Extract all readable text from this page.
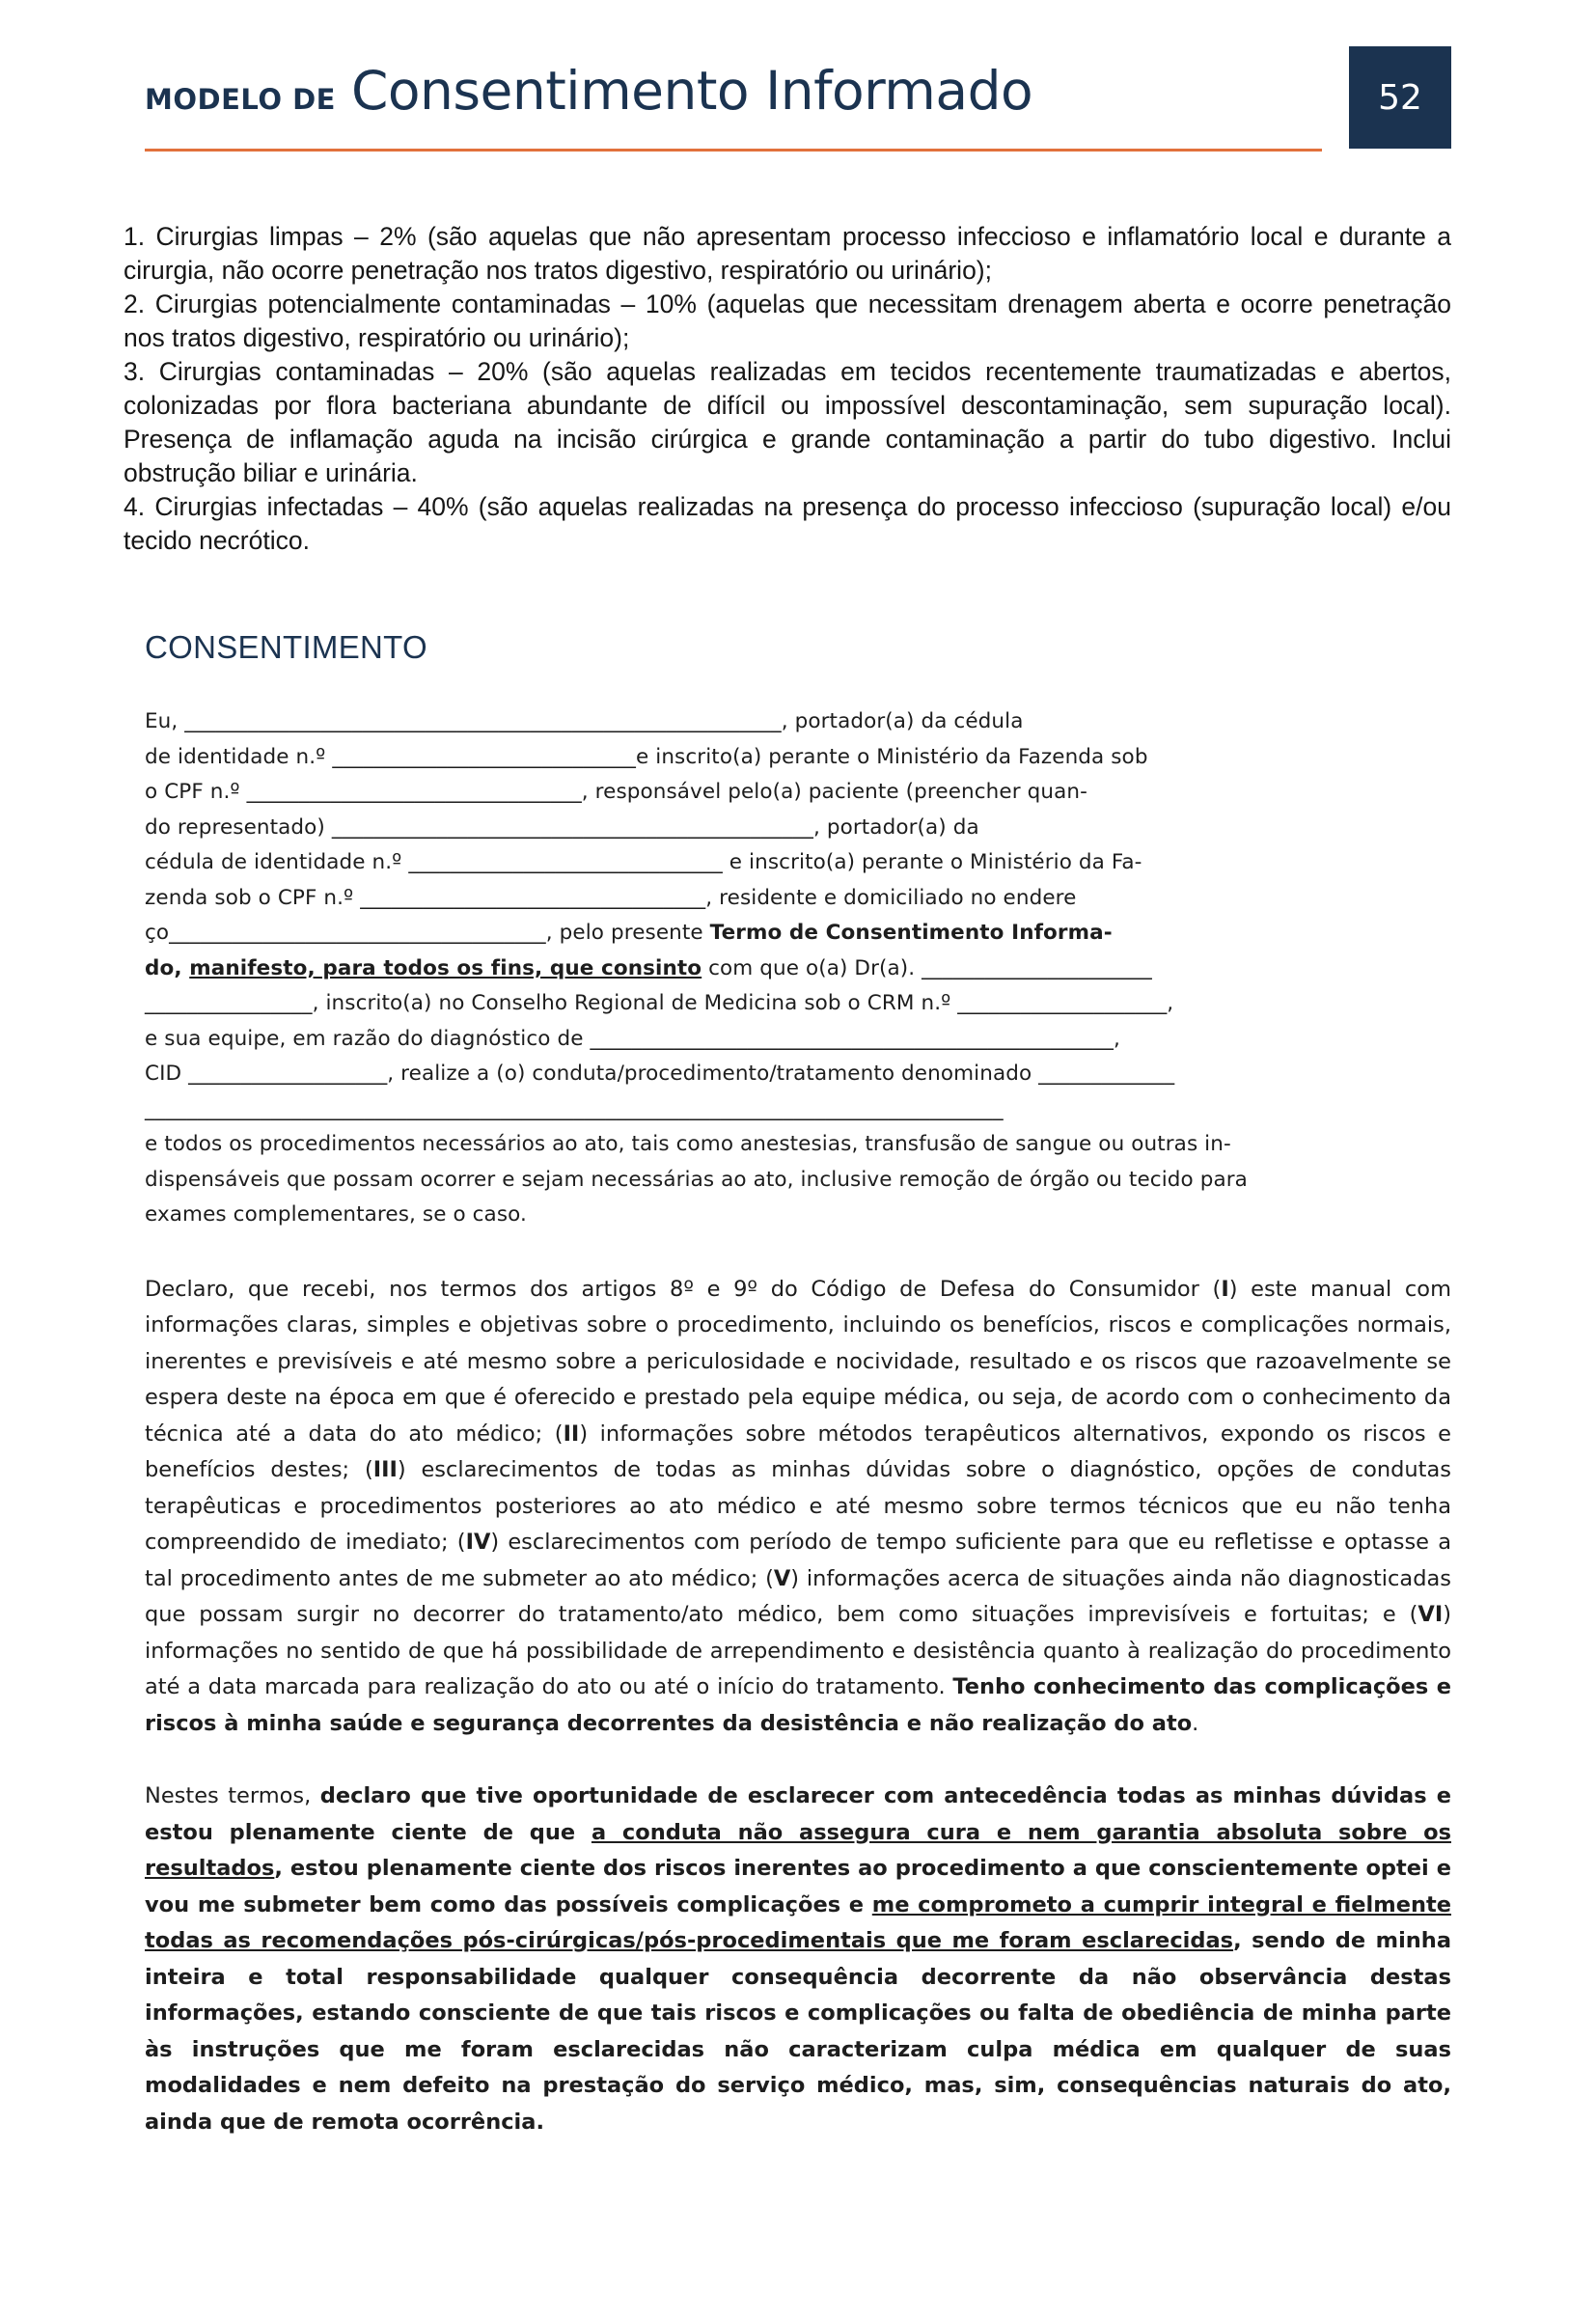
MODELO DE Consentimento Informado	52

1. Cirurgias limpas – 2% (são aquelas que não apresentam processo infeccioso e inflamatório local e durante a cirurgia, não ocorre penetração nos tratos digestivo, respiratório ou urinário);

2. Cirurgias potencialmente contaminadas – 10% (aquelas que necessitam drenagem aberta e ocorre penetração nos tratos digestivo, respiratório ou urinário);

3. Cirurgias contaminadas – 20% (são aquelas realizadas em tecidos recentemente traumatizadas e abertos, colonizadas por flora bacteriana abundante de difícil ou impossível descontaminação, sem supuração local). Presença de inflamação aguda na incisão cirúrgica e grande contaminação a partir do tubo digestivo. Inclui obstrução biliar e urinária.

4. Cirurgias infectadas – 40% (são aquelas realizadas na presença do processo infeccioso (supuração local) e/ou tecido necrótico.

CONSENTIMENTO

Eu, _________________________________________________________, portador(a) da cédula

de identidade n.º _____________________________e inscrito(a) perante o Ministério da Fazenda sob

o CPF n.º ________________________________, responsável pelo(a) paciente (preencher quan-

do representado) ______________________________________________, portador(a) da

cédula de identidade n.º ______________________________ e inscrito(a) perante o Ministério da Fa-

zenda sob o CPF n.º _________________________________, residente e domiciliado no endere

ço____________________________________, pelo presente Termo de Consentimento Informa-

do, manifesto, para todos os fins, que consinto com que o(a) Dr(a). ______________________

________________, inscrito(a) no Conselho Regional de Medicina sob o CRM n.º ____________________,

e sua equipe, em razão do diagnóstico de __________________________________________________,

CID ___________________, realize a (o) conduta/procedimento/tratamento denominado _____________

__________________________________________________________________________________

e todos os procedimentos necessários ao ato, tais como anestesias, transfusão de sangue ou outras in-

dispensáveis que possam ocorrer e sejam necessárias ao ato, inclusive remoção de órgão ou tecido para

exames complementares, se o caso.

Declaro, que recebi, nos termos dos artigos 8º e 9º do Código de Defesa do Consumidor (I) este manual com informações claras, simples e objetivas sobre o procedimento, incluindo os benefícios, riscos e complicações normais, inerentes e previsíveis e até mesmo sobre a periculosidade e nocividade, resultado e os riscos que razoavelmente se espera deste na época em que é oferecido e prestado pela equipe médica, ou seja, de acordo com o conhecimento da técnica até a data do ato médico; (II) informações sobre métodos terapêuticos alternativos, expondo os riscos e benefícios destes; (III) esclarecimentos de todas as minhas dúvidas sobre o diagnóstico, opções de condutas terapêuticas e procedimentos posteriores ao ato médico e até mesmo sobre termos técnicos que eu não tenha compreendido de imediato; (IV) esclarecimentos com período de tempo suficiente para que eu refletisse e optasse a tal procedimento antes de me submeter ao ato médico; (V) informações acerca de situações ainda não diagnosticadas que possam surgir no decorrer do tratamento/ato médico, bem como situações imprevisíveis e fortuitas; e (VI) informações no sentido de que há possibilidade de arrependimento e desistência quanto à realização do procedimento até a data marcada para realização do ato ou até o início do tratamento. Tenho conhecimento das complicações e riscos à minha saúde e segurança decorrentes da desistência e não realização do ato.

Nestes termos, declaro que tive oportunidade de esclarecer com antecedência todas as minhas dúvidas e estou plenamente ciente de que a conduta não assegura cura e nem garantia absoluta sobre os resultados, estou plenamente ciente dos riscos inerentes ao procedimento a que conscientemente optei e vou me submeter bem como das possíveis complicações e me comprometo a cumprir integral e fielmente todas as recomendações pós-cirúrgicas/pós-procedimentais que me foram esclarecidas, sendo de minha inteira e total responsabilidade qualquer consequência decorrente da não observância destas informações, estando consciente de que tais riscos e complicações ou falta de obediência de minha parte às instruções que me foram esclarecidas não caracterizam culpa médica em qualquer de suas modalidades e nem defeito na prestação do serviço médico, mas, sim, consequências naturais do ato, ainda que de remota ocorrência.
